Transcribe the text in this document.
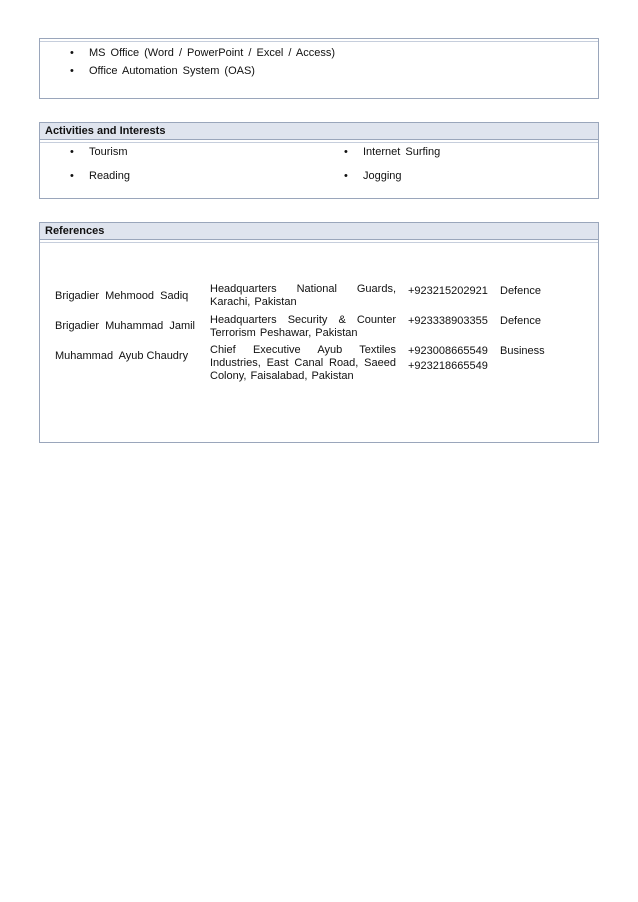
• MS Office (Word / PowerPoint / Excel / Access)
• Office Automation System (OAS)
Activities and Interests
• Tourism
• Reading
• Internet Surfing
• Jogging
References
Brigadier  Mehmood  Sadiq
Headquarters National Guards, Karachi, Pakistan
+923215202921 Defence
Brigadier  Muhammad  Jamil	Headquarters Security & Counter Terrorism Peshawar, Pakistan
+923338903355 Defence
Muhammad  Ayub Chaudry	Chief Executive Ayub Textiles Industries, East Canal Road, Saeed Colony, Faisalabad, Pakistan
+923008665549
+923218665549
Business
